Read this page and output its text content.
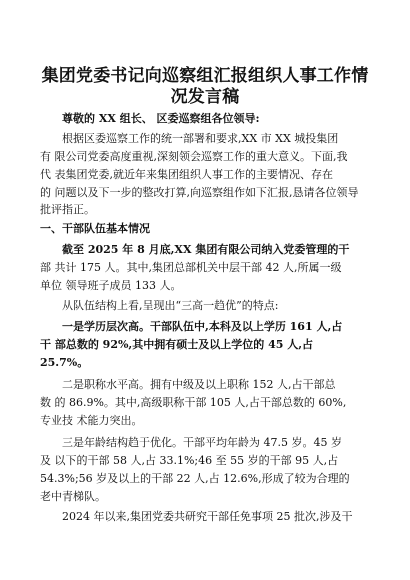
集团党委书记向巡察组汇报组织人事工作情况发言稿
尊敬的 XX 组长、 区委巡察组各位领导:
根据区委巡察工作的统一部署和要求,XX 市 XX 城投集团
有 限公司党委高度重视,深刻领会巡察工作的重大意义。下面,我
代 表集团党委,就近年来集团组织人事工作的主要情况、存在
的 问题以及下一步的整改打算,向巡察组作如下汇报,恳请各位领导
批评指正。
一、干部队伍基本情况
截至 2025 年 8 月底,XX 集团有限公司纳入党委管理的干
部 共计 175 人。其中,集团总部机关中层干部 42 人,所属一级
单位 领导班子成员 133 人。
从队伍结构上看,呈现出“三高一趋优”的特点:
一是学历层次高。干部队伍中,本科及以上学历 161 人,占
干 部总数的 92%,其中拥有硕士及以上学位的 45 人,占
25.7%。
二是职称水平高。拥有中级及以上职称 152 人,占干部总
数 的 86.9%。其中,高级职称干部 105 人,占干部总数的 60%,
专业技 术能力突出。
三是年龄结构趋于优化。干部平均年龄为 47.5 岁。45 岁
及 以下的干部 58 人,占 33.1%;46 至 55 岁的干部 95 人,占
54.3%;56 岁及以上的干部 22 人,占 12.6%,形成了较为合理的
老中青梯队。
2024 年以来,集团党委共研究干部任免事项 25 批次,涉及干
